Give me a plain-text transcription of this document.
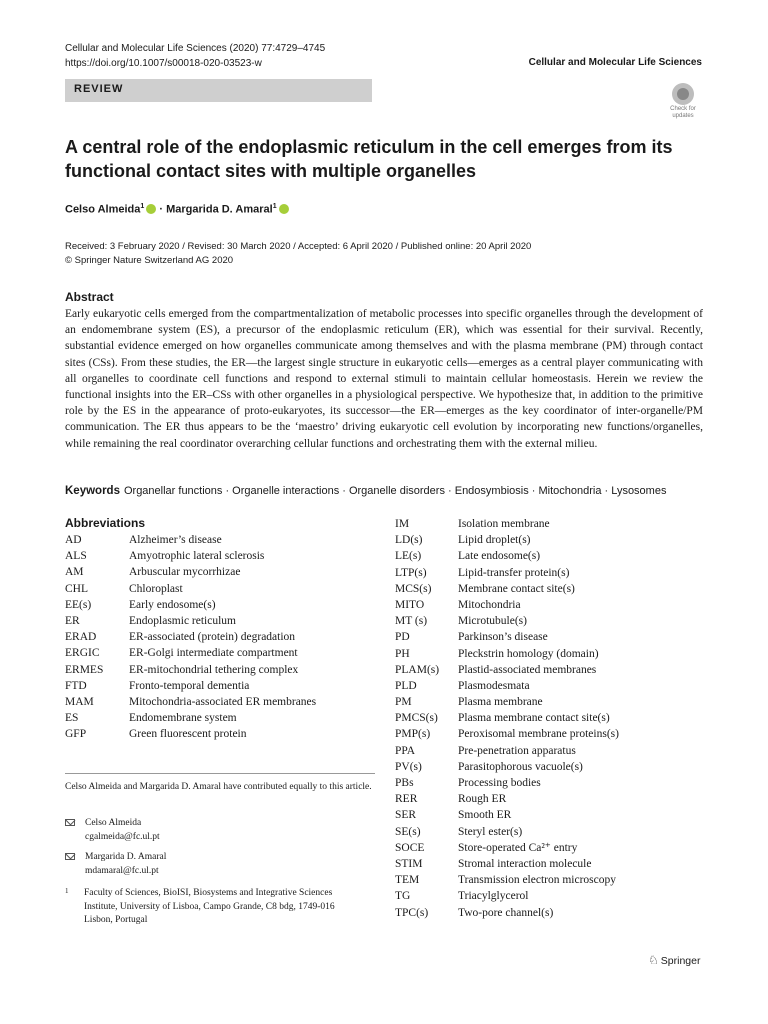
Cellular and Molecular Life Sciences (2020) 77:4729–4745
https://doi.org/10.1007/s00018-020-03523-w	Cellular and Molecular Life Sciences
REVIEW
Check for updates
A central role of the endoplasmic reticulum in the cell emerges from its functional contact sites with multiple organelles
Celso Almeida$^1$ · Margarida D. Amaral$^1$
Received: 3 February 2020 / Revised: 30 March 2020 / Accepted: 6 April 2020 / Published online: 20 April 2020
© Springer Nature Switzerland AG 2020
Abstract
Early eukaryotic cells emerged from the compartmentalization of metabolic processes into specific organelles through the development of an endomembrane system (ES), a precursor of the endoplasmic reticulum (ER), which was essential for their survival. Recently, substantial evidence emerged on how organelles communicate among themselves and with the plasma membrane (PM) through contact sites (CSs). From these studies, the ER—the largest single structure in eukaryotic cells—emerges as a central player communicating with all organelles to coordinate cell functions and respond to external stimuli to maintain cellular homeostasis. Herein we review the functional insights into the ER–CSs with other organelles in a physiological perspective. We hypothesize that, in addition to the primitive role by the ES in the appearance of proto-eukaryotes, its successor—the ER—emerges as the key coordinator of inter-organelle/PM communication. The ER thus appears to be the ‘maestro’ driving eukaryotic cell evolution by incorporating new functions/organelles, while remaining the real coordinator overarching cellular functions and orchestrating them with the external milieu.
Keywords Organellar functions · Organelle interactions · Organelle disorders · Endosymbiosis · Mitochondria · Lysosomes
Abbreviations
AD	Alzheimer’s disease
ALS	Amyotrophic lateral sclerosis
AM	Arbuscular mycorrhizae
CHL	Chloroplast
EE(s)	Early endosome(s)
ER	Endoplasmic reticulum
ERAD	ER-associated (protein) degradation
ERGIC	ER-Golgi intermediate compartment
ERMES ER-mitochondrial tethering complex
FTD	Fronto-temporal dementia
MAM	Mitochondria-associated ER membranes
ES	Endomembrane system
GFP	Green fluorescent protein
IM	Isolation membrane
LD(s)	Lipid droplet(s)
LE(s)	Late endosome(s)
LTP(s)	Lipid-transfer protein(s)
MCS(s) Membrane contact site(s)
MITO	Mitochondria
MT (s)	Microtubule(s)
PD	Parkinson’s disease
PH	Pleckstrin homology (domain)
PLAM(s) Plastid-associated membranes
PLD	Plasmodesmata
PM	Plasma membrane
PMCS(s) Plasma membrane contact site(s)
PMP(s) Peroxisomal membrane proteins(s)
PPA	Pre-penetration apparatus
PV(s)	Parasitophorous vacuole(s)
PBs	Processing bodies
RER	Rough ER
SER	Smooth ER
SE(s)	Steryl ester(s)
SOCE	Store-operated Ca²⁺ entry
STIM	Stromal interaction molecule
TEM	Transmission electron microscopy
TG	Triacylglycerol
TPC(s)	Two-pore channel(s)
Celso Almeida and Margarida D. Amaral have contributed equally to this article.
Celso Almeida
cgalmeida@fc.ul.pt
Margarida D. Amaral
mdamaral@fc.ul.pt
1 Faculty of Sciences, BioISI, Biosystems and Integrative Sciences Institute, University of Lisboa, Campo Grande, C8 bdg, 1749-016 Lisbon, Portugal
♘ Springer
